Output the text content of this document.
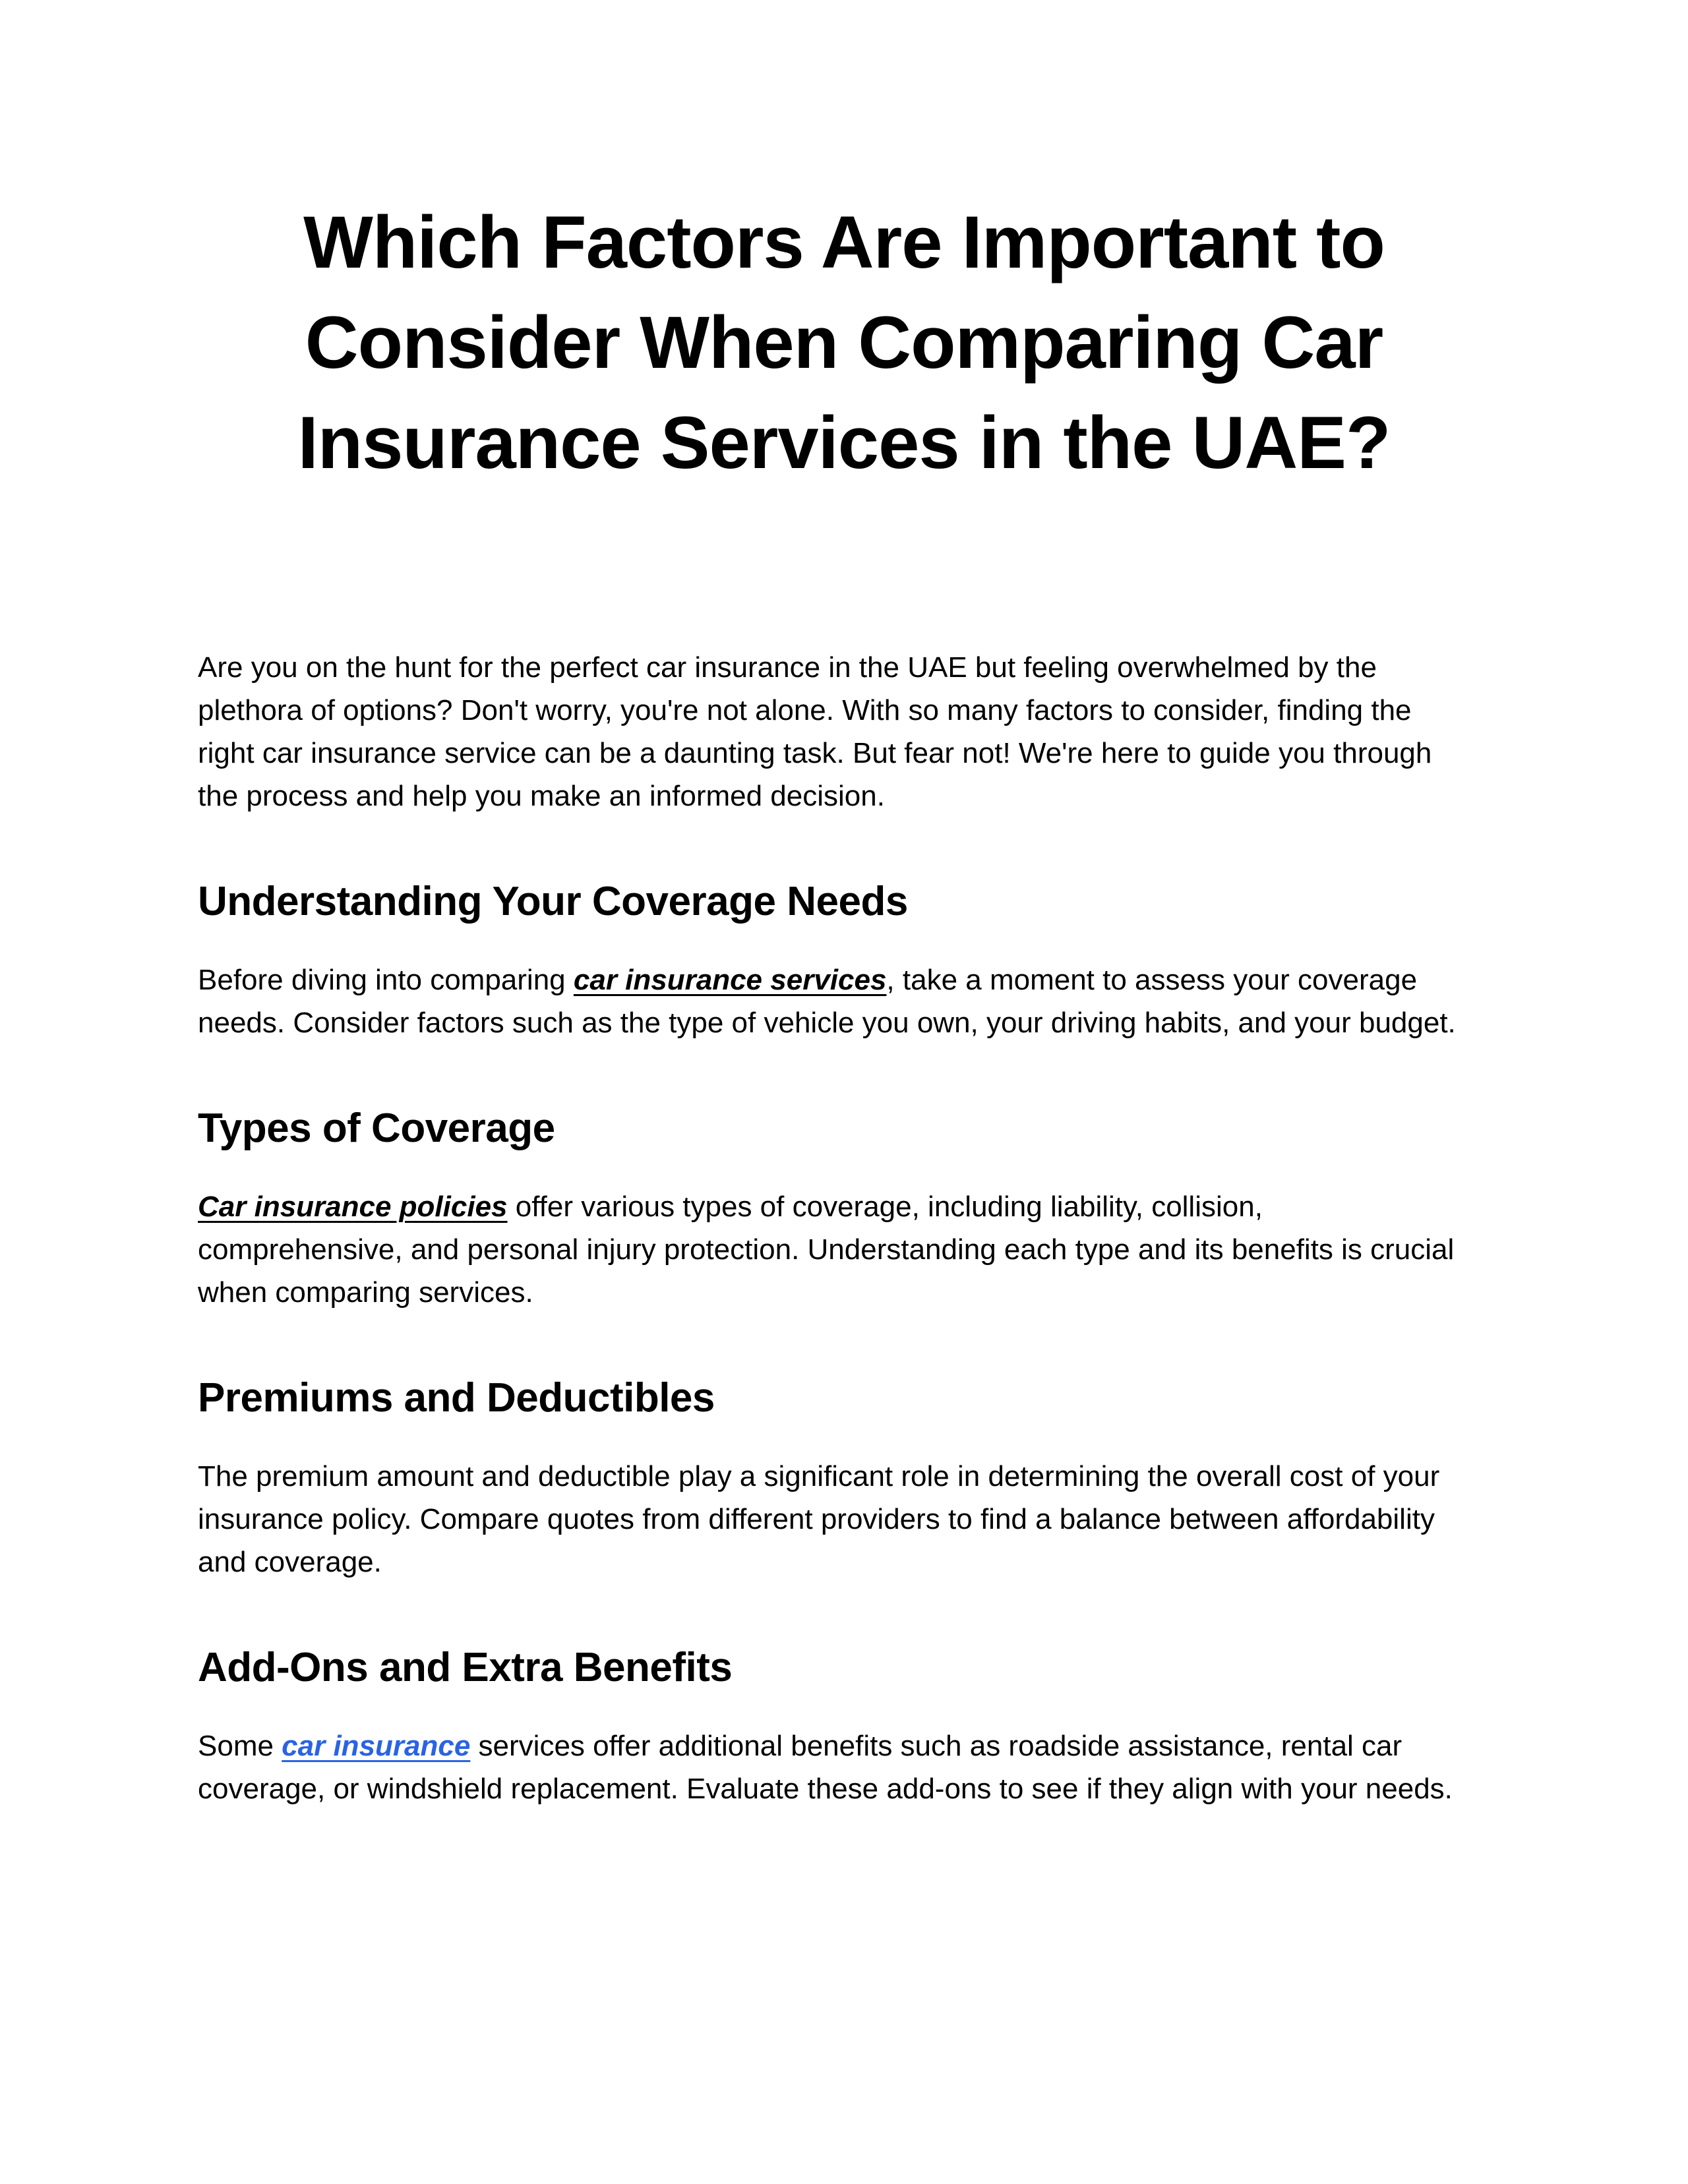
Which Factors Are Important to
Consider When Comparing Car
Insurance Services in the UAE?

Are you on the hunt for the perfect car insurance in the UAE but feeling overwhelmed by the plethora of options? Don't worry, you're not alone. With so many factors to consider, finding the right car insurance service can be a daunting task. But fear not! We're here to guide you through the process and help you make an informed decision.

Understanding Your Coverage Needs

Before diving into comparing car insurance services, take a moment to assess your coverage needs. Consider factors such as the type of vehicle you own, your driving habits, and your budget.

Types of Coverage

Car insurance policies offer various types of coverage, including liability, collision, comprehensive, and personal injury protection. Understanding each type and its benefits is crucial when comparing services.

Premiums and Deductibles

The premium amount and deductible play a significant role in determining the overall cost of your insurance policy. Compare quotes from different providers to find a balance between affordability and coverage.

Add-Ons and Extra Benefits

Some car insurance services offer additional benefits such as roadside assistance, rental car coverage, or windshield replacement. Evaluate these add-ons to see if they align with your needs.
